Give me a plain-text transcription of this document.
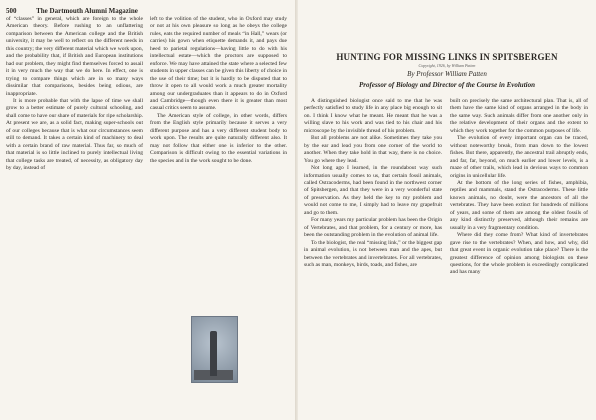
500	The Dartmouth Alumni Magazine

of “classes” in general, which are foreign to the whole American theory. Before rushing to an unflattering comparison between the American college and the British university, it may be well to reflect on the different needs in this country; the very different material which we work upon, and the probability that, if British and European institutions had our problem, they might find themselves forced to assail it in very much the way that we do here. In effect, one is trying to compare things which are in so many ways dissimilar that comparisons, besides being odious, are inappropriate.

It is more probable that with the lapse of time we shall grow to a better estimate of purely cultural schooling, and shall come to have our share of materials for ripe scholarship. At present we are, as a solid fact, making super-schools out of our colleges because that is what our circumstances seem still to demand. It takes a certain kind of machinery to deal with a certain brand of raw material. Thus far, so much of that material is so little inclined to purely intellectual living that college tasks are treated, of necessity, as obligatory day by day, instead of

left to the volition of the student, who in Oxford may study or not at his own pleasure so long as he obeys the college rules, eats the required number of meals “in Hall,” wears (or carries) his gown when etiquette demands it, and pays due heed to parietal regulations—having little to do with his intellectual estate—which the proctors are supposed to enforce. We may have attained the state where a selected few students in upper classes can be given this liberty of choice in the use of their time; but it is hardly to be disputed that to throw it open to all would work a much greater mortality among our undergraduates than it appears to do in Oxford and Cambridge—though even there it is greater than most casual critics seem to assume.

The American style of college, in other words, differs from the English style primarily because it serves a very different purpose and has a very different student body to work upon. The results are quite naturally different also. It may not follow that either one is inferior to the other. Comparison is difficult owing to the essential variations in the species and in the work sought to be done.

HUNTING FOR MISSING LINKS IN SPITSBERGEN
Copyright, 1926, by William Patten
By Professor William Patten
Professor of Biology and Director of the Course in Evolution

A distinguished biologist once said to me that he was perfectly satisfied to study life in any place big enough to sit on. I think I know what he meant. He meant that he was a willing slave to his work and was tied to his chair and his microscope by the invisible thread of his problem.

But all problems are not alike. Sometimes they take you by the ear and lead you from one corner of the world to another. When they take hold in that way, there is no choice. You go where they lead.

Not long ago I learned, in the roundabout way such information usually comes to us, that certain fossil animals, called Ostracoderms, had been found in the northwest corner of Spitsbergen, and that they were in a very wonderful state of preservation. As they held the key to my problem and would not come to me, I simply had to leave my grapefruit and go to them.

For many years my particular problem has been the Origin of Vertebrates, and that problem, for a century or more, has been the outstanding problem in the evolution of animal life.

To the biologist, the real “missing link,” or the biggest gap in animal evolution, is not between man and the apes, but between the vertebrates and invertebrates. For all vertebrates, such as man, monkeys, birds, toads, and fishes, are

built on precisely the same architectural plan. That is, all of them have the same kind of organs arranged in the body in the same way. Such animals differ from one another only in the relative development of their organs and the extent to which they work together for the common purposes of life.

The evolution of every important organ can be traced, without noteworthy break, from man down to the lowest fishes. But there, apparently, the ancestral trail abruptly ends, and far, far, beyond, on much earlier and lower levels, is a maze of other trails, which lead in devious ways to common origins in unicellular life.

At the bottom of the long series of fishes, amphibia, reptiles and mammals, stand the Ostracoderms. These little known animals, no doubt, were the ancestors of all the vertebrates. They have been extinct for hundreds of millions of years, and some of them are among the oldest fossils of any kind distinctly preserved, although their remains are usually in a very fragmentary condition.

Where did they come from? What kind of invertebrates gave rise to the vertebrates? When, and how, and why, did that great event in organic evolution take place? There is the greatest difference of opinion among biologists on these questions, for the whole problem is exceedingly complicated and has many
